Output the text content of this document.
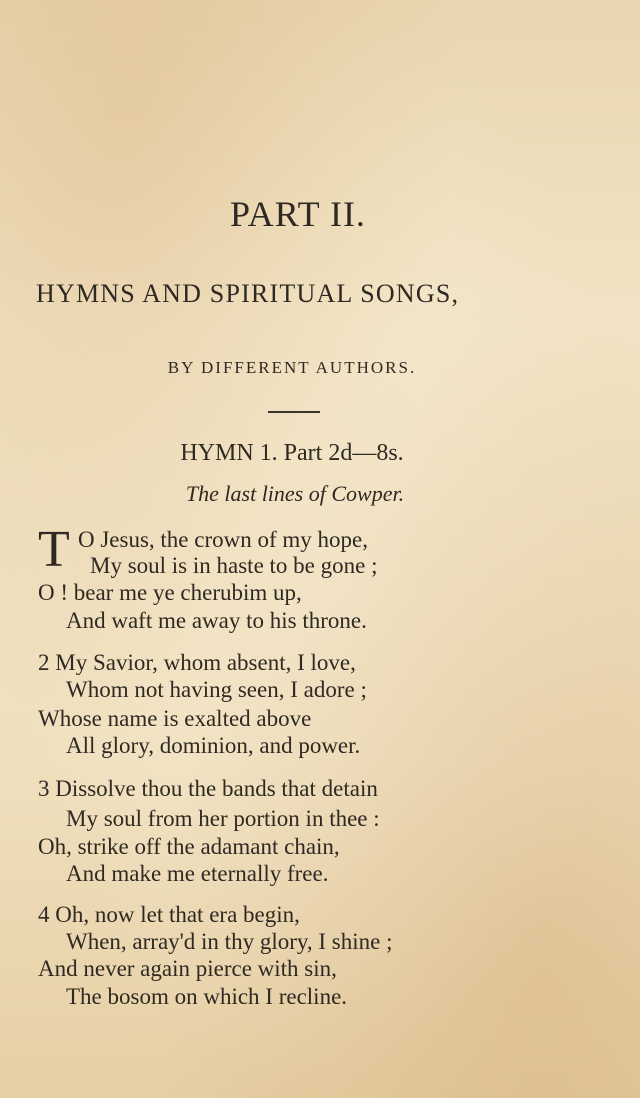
PART II.
HYMNS AND SPIRITUAL SONGS,
BY DIFFERENT AUTHORS.
HYMN 1. Part 2d—8s.
The last lines of Cowper.
T O Jesus, the crown of my hope,
My soul is in haste to be gone ;
O ! bear me ye cherubim up,
And waft me away to his throne.
2 My Savior, whom absent, I love,
Whom not having seen, I adore ;
Whose name is exalted above
All glory, dominion, and power.
3 Dissolve thou the bands that detain
My soul from her portion in thee :
Oh, strike off the adamant chain,
And make me eternally free.
4 Oh, now let that era begin,
When, array'd in thy glory, I shine ;
And never again pierce with sin,
The bosom on which I recline.
